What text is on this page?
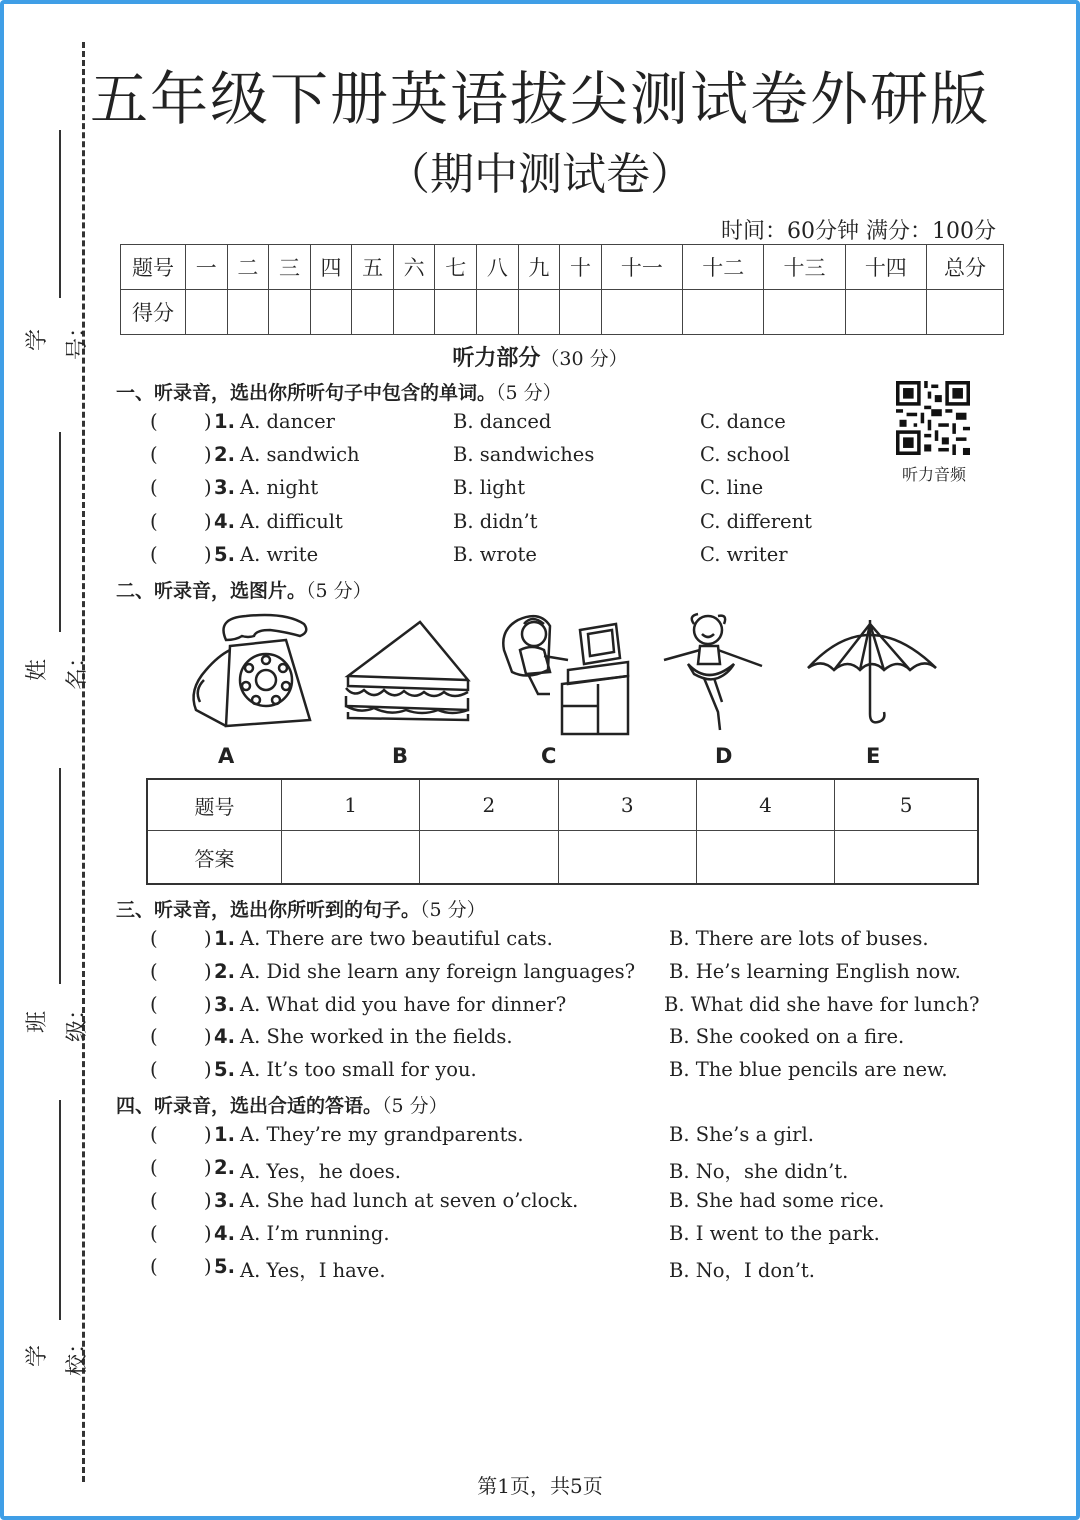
学号：
姓名：
班级：
学校：
五年级下册英语拔尖测试卷外研版
（期中测试卷）
时间：60分钟 满分：100分
题号	一	二	三	四	五	六	七	八	九	十	十一	十二	十三	十四	总分
得分															
听力部分（30 分）
听力音频
一、听录音，选出你所听句子中包含的单词。（5 分）
( ) 1. A. dancer	B. danced	C. dance
( ) 2. A. sandwich	B. sandwiches	C. school
( ) 3. A. night	B. light	C. line
( ) 4. A. difficult	B. didn’t	C. different
( ) 5. A. write	B. wrote	C. writer
二、听录音，选图片。（5 分）
A	B	C	D	E
题号	1	2	3	4	5
答案					
三、听录音，选出你所听到的句子。（5 分）
( ) 1. A. There are two beautiful cats.	B. There are lots of buses.
( ) 2. A. Did she learn any foreign languages? B. He’s learning English now.
( ) 3. A. What did you have for dinner?	B. What did she have for lunch?
( ) 4. A. She worked in the fields.	B. She cooked on a fire.
( ) 5. A. It’s too small for you.	B. The blue pencils are new.
四、听录音，选出合适的答语。（5 分）
( ) 1. A. They’re my grandparents.	B. She’s a girl.
( ) 2. A. Yes，he does.	B. No，she didn’t.
( ) 3. A. She had lunch at seven o’clock.	B. She had some rice.
( ) 4. A. I’m running.	B. I went to the park.
( ) 5. A. Yes，I have.	B. No，I don’t.
第1页，共5页
